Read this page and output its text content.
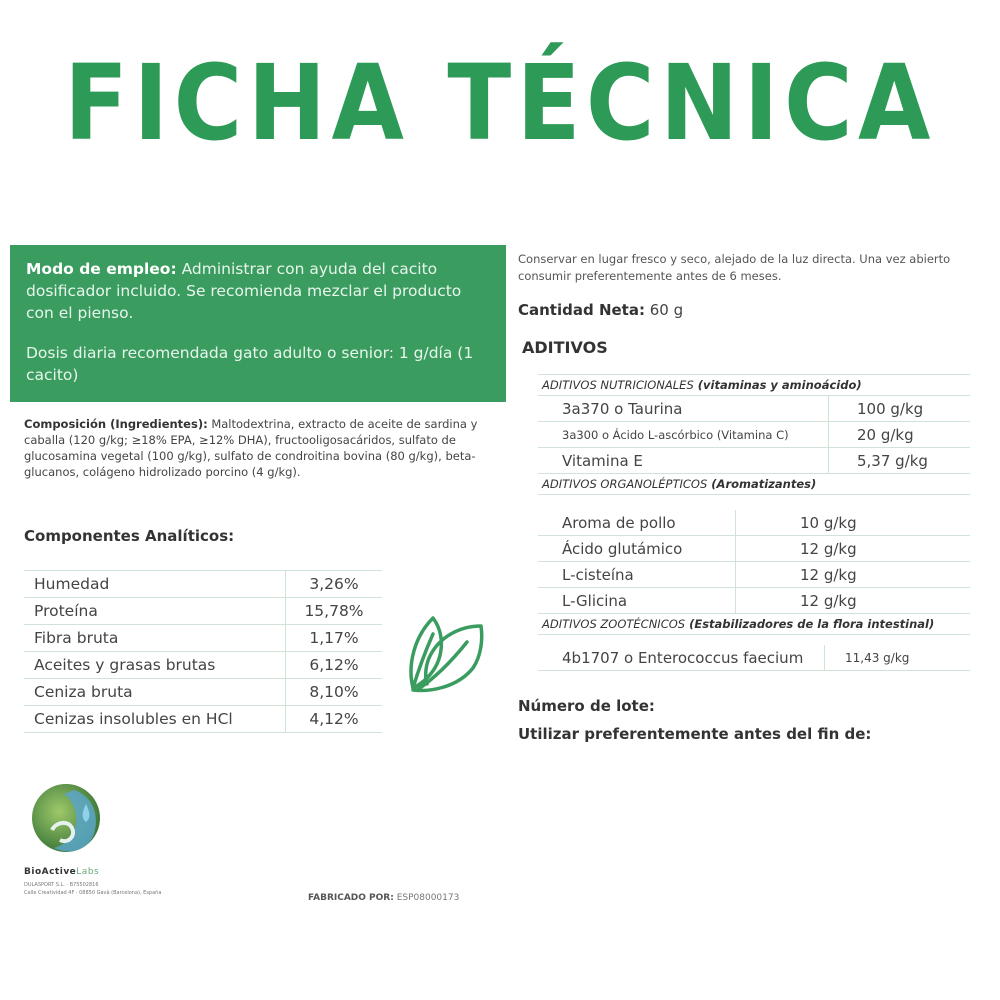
FICHA TÉCNICA

Modo de empleo: Administrar con ayuda del cacito dosificador incluido. Se recomienda mezclar el producto con el pienso.

Dosis diaria recomendada gato adulto o senior: 1 g/día (1 cacito)

Composición (Ingredientes): Maltodextrina, extracto de aceite de sardina y caballa (120 g/kg; ≥18% EPA, ≥12% DHA), fructooligosacáridos, sulfato de glucosamina vegetal (100 g/kg), sulfato de condroitina bovina (80 g/kg), beta-glucanos, colágeno hidrolizado porcino (4 g/kg).
Componentes Analíticos:
Humedad	3,26%
Proteína	15,78%
Fibra bruta	1,17%
Aceites y grasas brutas	6,12%
Ceniza bruta	8,10%
Cenizas insolubles en HCl	4,12%
BioActiveLabs
DULASPORT S.L. · B75502816
Calle Creatividad 4F · 08850 Gavà (Barcelona), España	FABRICADO POR: ESP08000173
Conservar en lugar fresco y seco, alejado de la luz directa. Una vez abierto consumir preferentemente antes de 6 meses.
Cantidad Neta: 60 g
ADITIVOS
ADITIVOS NUTRICIONALES (vitaminas y aminoácido)	
3a370 o Taurina	100 g/kg
3a300 o Ácido L-ascórbico (Vitamina C)	20 g/kg
Vitamina E	5,37 g/kg
ADITIVOS ORGANOLÉPTICOS (Aromatizantes)	
Aroma de pollo	10 g/kg
Ácido glutámico	12 g/kg
L-cisteína	12 g/kg
L-Glicina	12 g/kg
ADITIVOS ZOOTÉCNICOS (Estabilizadores de la flora intestinal)	
4b1707 o Enterococcus faecium	11,43 g/kg
Número de lote:
Utilizar preferentemente antes del fin de:
